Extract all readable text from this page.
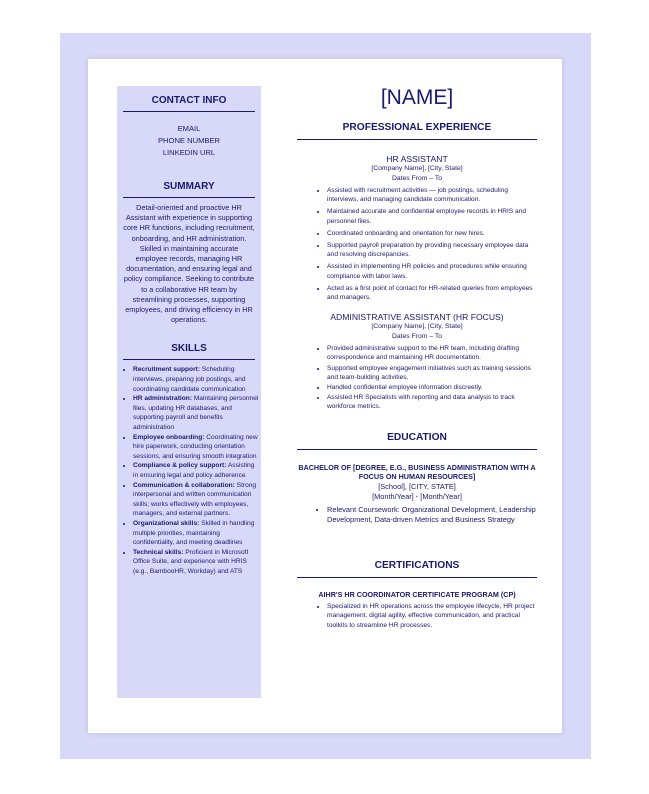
CONTACT INFO
EMAIL
PHONE NUMBER
LINKEDIN URL
SUMMARY
Detail-oriented and proactive HR Assistant with experience in supporting core HR functions, including recruitment, onboarding, and HR administration. Skilled in maintaining accurate employee records, managing HR documentation, and ensuring legal and policy compliance. Seeking to contribute to a collaborative HR team by streamlining processes, supporting employees, and driving efficiency in HR operations.
SKILLS
• Recruitment support: Scheduling interviews, preparing job postings, and coordinating candidate communication
• HR administration: Maintaining personnel files, updating HR databases, and supporting payroll and benefits administration
• Employee onboarding: Coordinating new hire paperwork, conducting orientation sessions, and ensuring smooth integration
• Compliance & policy support: Assisting in ensuring legal and policy adherence
• Communication & collaboration: Strong interpersonal and written communication skills; works effectively with employees, managers, and external partners.
• Organizational skills: Skilled in handling multiple priorities, maintaining confidentiality, and meeting deadlines
• Technical skills: Proficient in Microsoft Office Suite, and experience with HRIS (e.g., BambooHR, Workday) and ATS
[NAME]
PROFESSIONAL EXPERIENCE
HR ASSISTANT
[Company Name], [City, State]
Dates From – To
• Assisted with recruitment activities — job postings, scheduling interviews, and managing candidate communication.
• Maintained accurate and confidential employee records in HRIS and personnel files.
• Coordinated onboarding and orientation for new hires.
• Supported payroll preparation by providing necessary employee data and resolving discrepancies.
• Assisted in implementing HR policies and procedures while ensuring compliance with labor laws.
• Acted as a first point of contact for HR-related queries from employees and managers.
ADMINISTRATIVE ASSISTANT (HR FOCUS)
[Company Name], [City, State]
Dates From – To
• Provided administrative support to the HR team, including drafting correspondence and maintaining HR documentation.
• Supported employee engagement initiatives such as training sessions and team-building activities.
• Handled confidential employee information discreetly.
• Assisted HR Specialists with reporting and data analysis to track workforce metrics.
EDUCATION
BACHELOR OF [DEGREE, E.G., BUSINESS ADMINISTRATION WITH A FOCUS ON HUMAN RESOURCES]
[School], [CITY, STATE]
[Month/Year] - [Month/Year]
• Relevant Coursework: Organizational Development, Leadership Development, Data-driven Metrics and Business Strategy
CERTIFICATIONS
AIHR'S HR COORDINATOR CERTIFICATE PROGRAM (CP)
• Specialized in HR operations across the employee lifecycle, HR project management, digital agility, effective communication, and practical toolkits to streamline HR processes.
